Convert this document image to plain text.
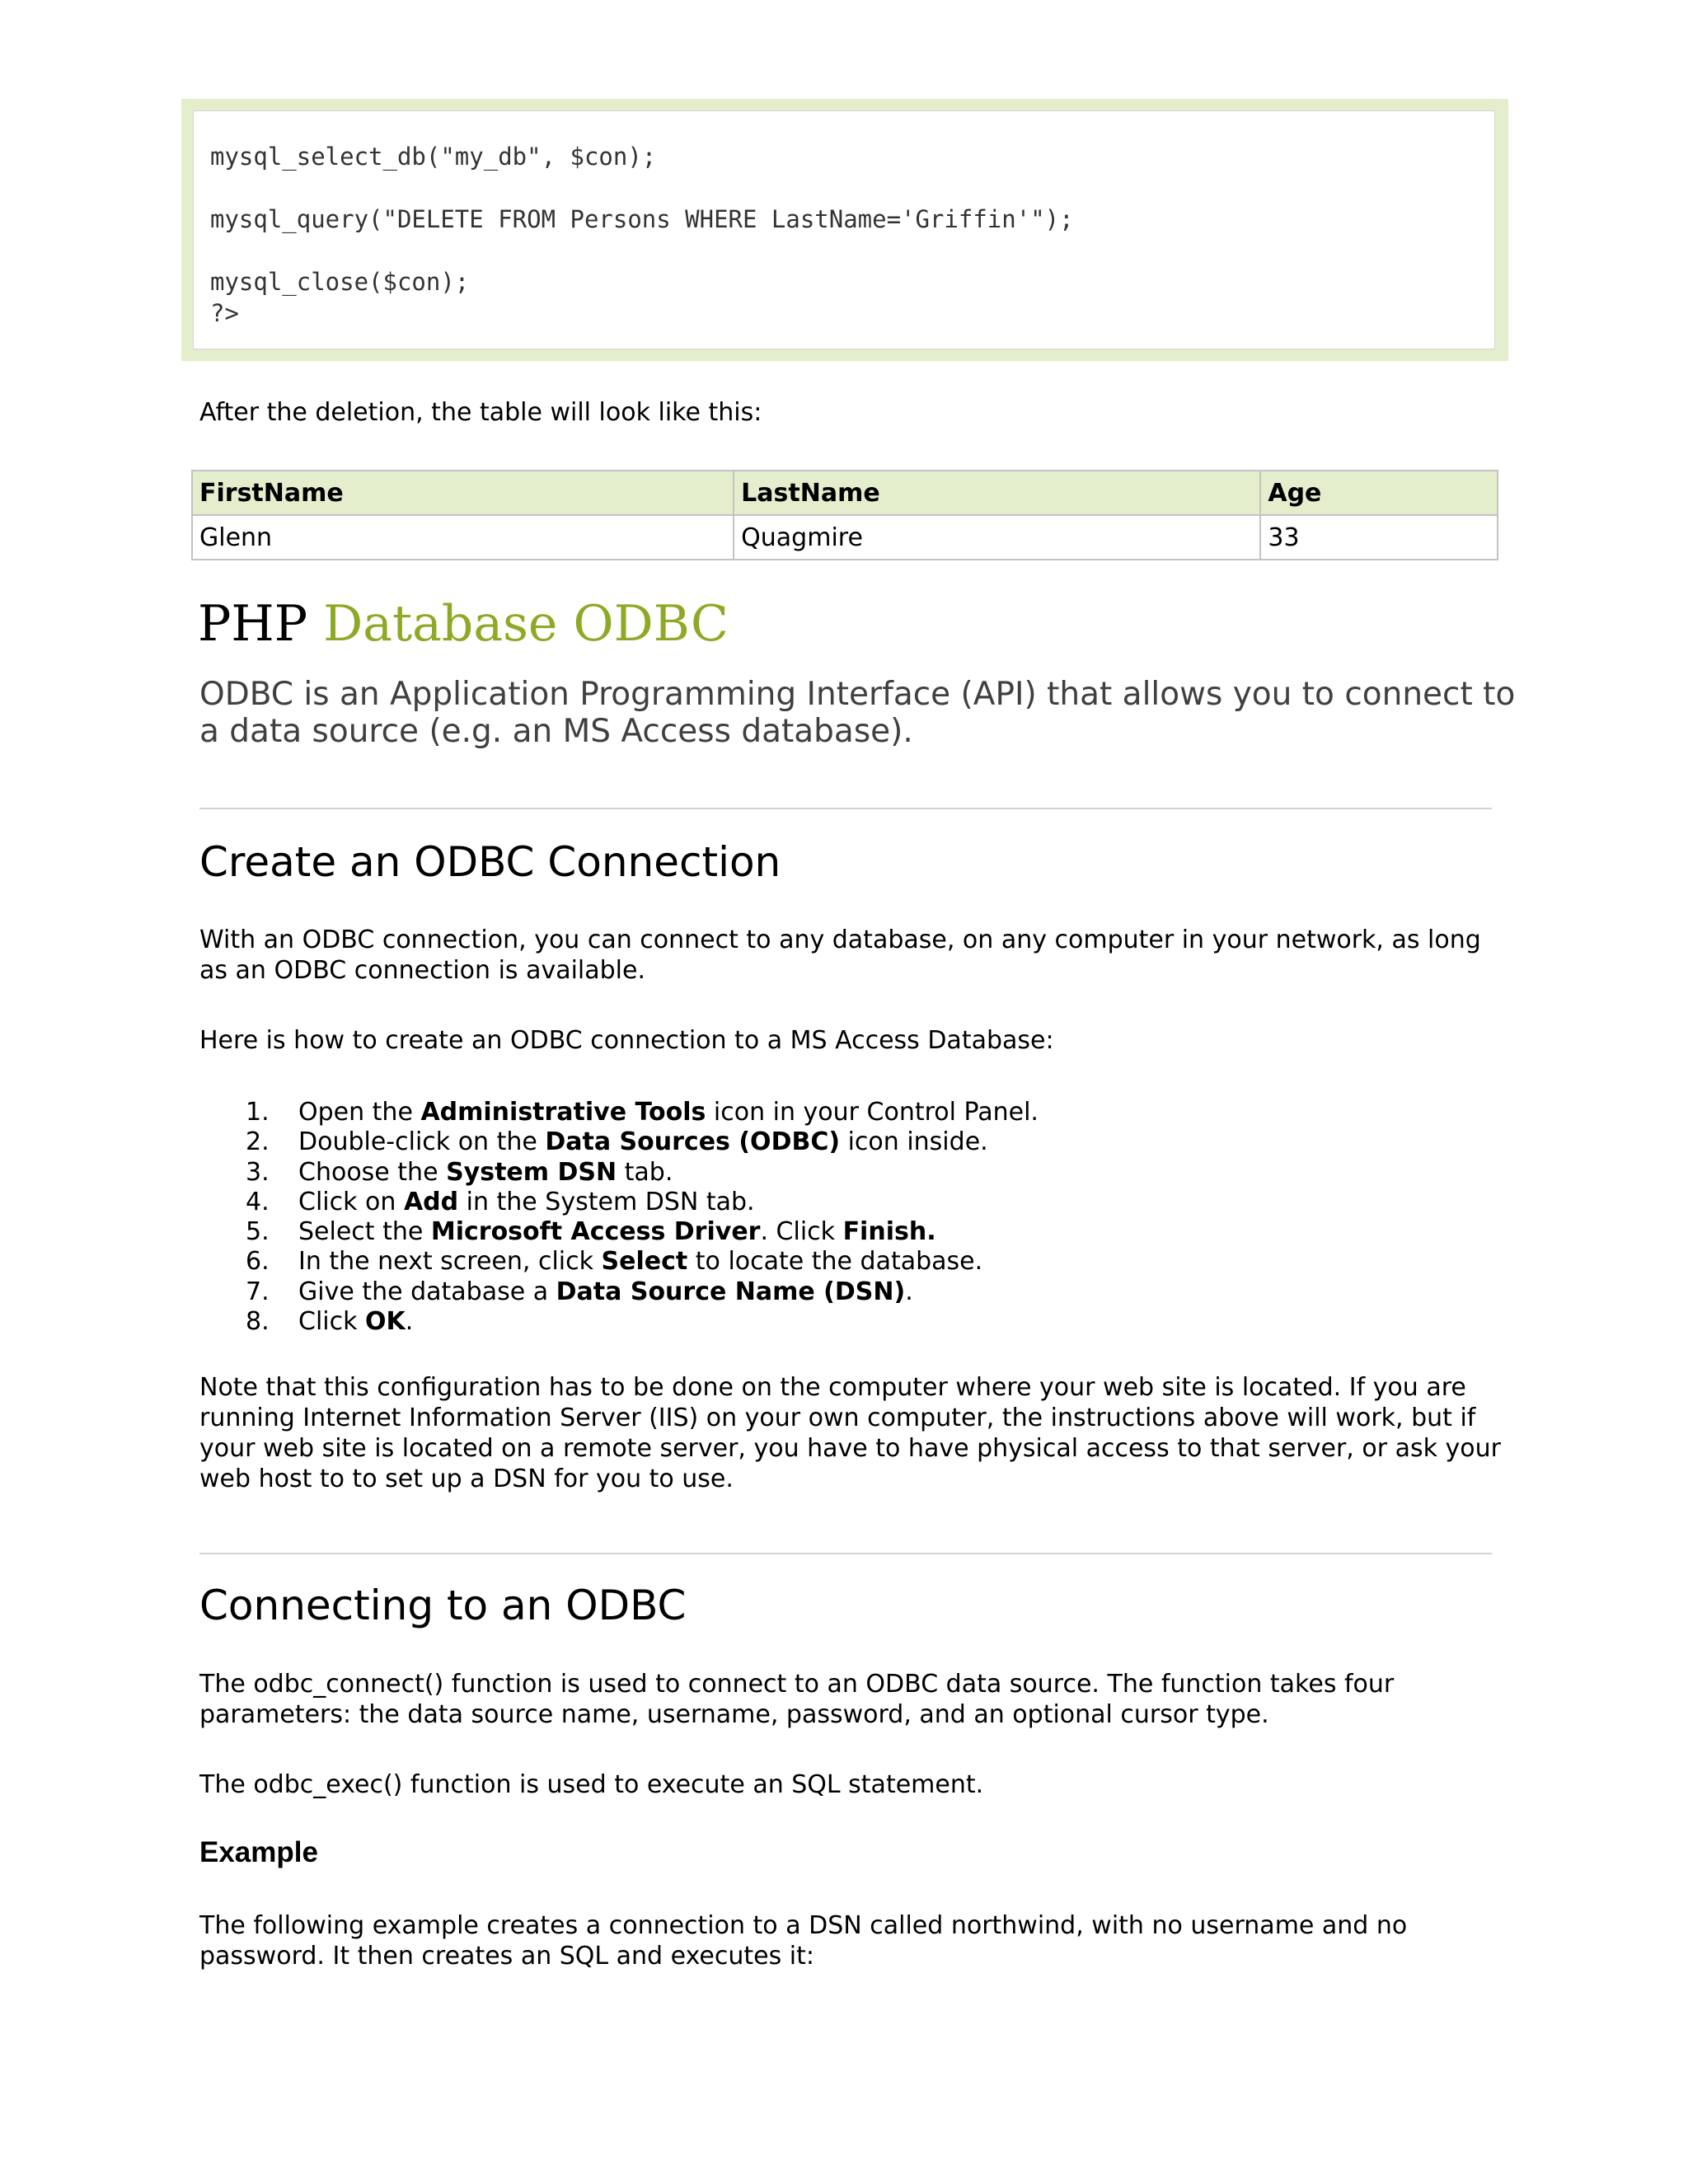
mysql_select_db("my_db", $con);
mysql_query("DELETE FROM Persons WHERE LastName='Griffin'");
mysql_close($con);
?>
After the deletion, the table will look like this:
FirstName	LastName	Age
Glenn	Quagmire	33
PHP Database ODBC
ODBC is an Application Programming Interface (API) that allows you to connect to a data source (e.g. an MS Access database).
Create an ODBC Connection
With an ODBC connection, you can connect to any database, on any computer in your network, as long as an ODBC connection is available.
Here is how to create an ODBC connection to a MS Access Database:
1.	Open the Administrative Tools icon in your Control Panel.
2.	Double-click on the Data Sources (ODBC) icon inside.
3.	Choose the System DSN tab.
4.	Click on Add in the System DSN tab.
5.	Select the Microsoft Access Driver. Click Finish.
6.	In the next screen, click Select to locate the database.
7.	Give the database a Data Source Name (DSN).
8.	Click OK.
Note that this configuration has to be done on the computer where your web site is located. If you are running Internet Information Server (IIS) on your own computer, the instructions above will work, but if your web site is located on a remote server, you have to have physical access to that server, or ask your web host to to set up a DSN for you to use.
Connecting to an ODBC
The odbc_connect() function is used to connect to an ODBC data source. The function takes four parameters: the data source name, username, password, and an optional cursor type.
The odbc_exec() function is used to execute an SQL statement.
Example
The following example creates a connection to a DSN called northwind, with no username and no password. It then creates an SQL and executes it:
